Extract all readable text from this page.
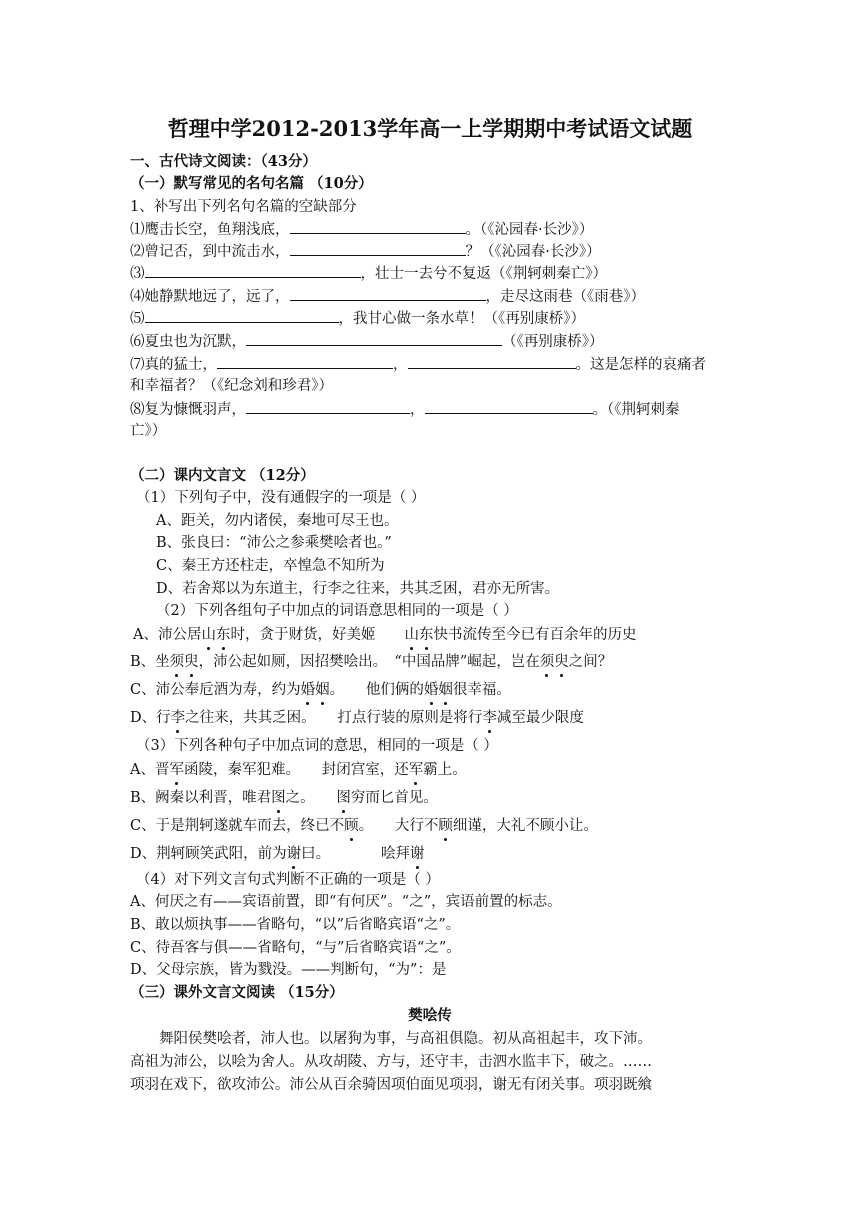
哲理中学2012-2013学年高一上学期期中考试语文试题
一、古代诗文阅读：（43分）
（一）默写常见的名句名篇 （10分）
1、补写出下列名句名篇的空缺部分
⑴鹰击长空，鱼翔浅底，	。（《沁园春·长沙》）
⑵曾记否，到中流击水，	？（《沁园春·长沙》）
⑶	，壮士一去兮不复返（《荆轲刺秦亡》）
⑷她静默地远了，远了，	，走尽这雨巷（《雨巷》）
⑸	，我甘心做一条水草！（《再别康桥》）
⑹夏虫也为沉默，	（《再别康桥》）
⑺真的猛士，	，	。这是怎样的哀痛者
和幸福者？（《纪念刘和珍君》）
⑻复为慷慨羽声，	，	。（《荆轲刺秦
亡》）
（二）课内文言文 （12分）
（1）下列句子中，没有通假字的一项是（ ）
A、距关，勿内诸侯，秦地可尽王也。
B、张良曰：“沛公之参乘樊哙者也。”
C、秦王方还柱走，卒惶急不知所为
D、若舍郑以为东道主，行李之往来，共其乏困，君亦无所害。
（2）下列各组句子中加点的词语意思相同的一项是（ ）
A、沛公居山东时，贪于财货，好美姬　　山东快书流传至今已有百余年的历史
B、坐须臾，沛公起如厕，因招樊哙出。　“中国品牌”崛起，岂在须臾之间？
C、沛公奉卮酒为寿，约为婚姻。　　他们俩的婚姻很幸福。
D、行李之往来，共其乏困。　　打点行装的原则是将行李减至最少限度
（3）下列各种句子中加点词的意思，相同的一项是（ ）
A、晋军函陵，秦军犯难。　　封闭宫室，还军霸上。
B、阙秦以利晋，唯君图之。　　图穷而匕首见。
C、于是荆轲遂就车而去，终已不顾。　　大行不顾细谨，大礼不顾小让。
D、荆轲顾笑武阳，前为谢曰。　　　　哙拜谢
（4）对下列文言句式判断不正确的一项是（ ）
A、何厌之有——宾语前置，即“有何厌”。“之”，宾语前置的标志。
B、敢以烦执事——省略句，“以”后省略宾语“之”。
C、待吾客与俱——省略句，“与”后省略宾语“之”。
D、父母宗族，皆为戮没。——判断句，“为”：是
（三）课外文言文阅读 （15分）
樊哙传
　　舞阳侯樊哙者，沛人也。以屠狗为事，与高祖俱隐。初从高祖起丰，攻下沛。
高祖为沛公，以哙为舍人。从攻胡陵、方与，还守丰，击泗水监丰下，破之。……
项羽在戏下，欲攻沛公。沛公从百余骑因项伯面见项羽，谢无有闭关事。项羽既飨
